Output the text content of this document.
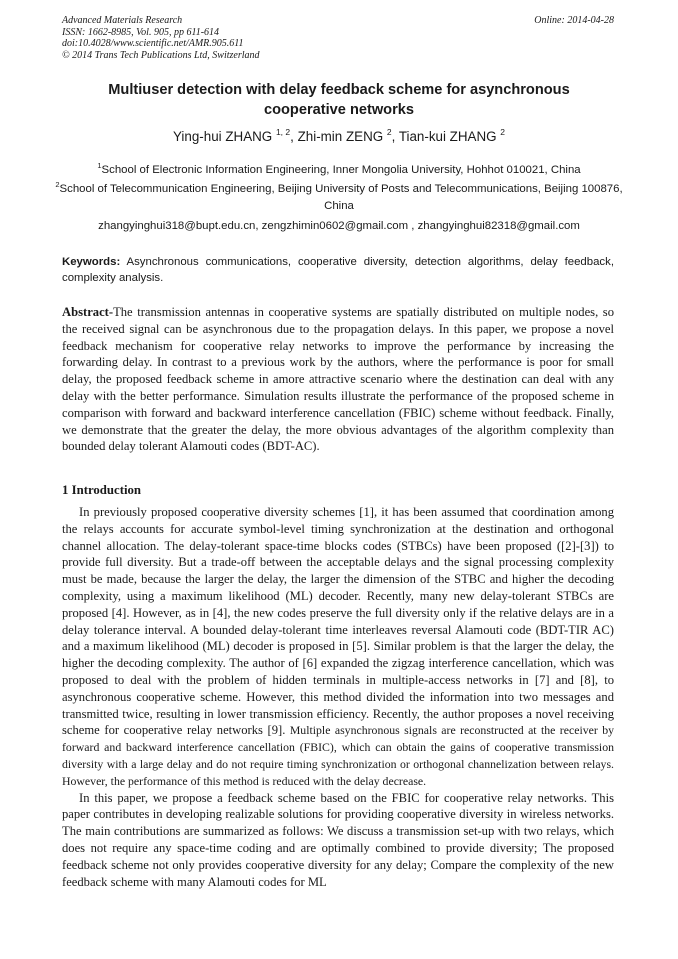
Advanced Materials Research
ISSN: 1662-8985, Vol. 905, pp 611-614
doi:10.4028/www.scientific.net/AMR.905.611
© 2014 Trans Tech Publications Ltd, Switzerland
Online: 2014-04-28
Multiuser detection with delay feedback scheme for asynchronous cooperative networks
Ying-hui ZHANG $^{1, 2}$, Zhi-min ZENG $^2$, Tian-kui ZHANG $^2$
$^1$School of Electronic Information Engineering, Inner Mongolia University, Hohhot 010021, China
$^2$School of Telecommunication Engineering, Beijing University of Posts and Telecommunications, Beijing 100876, China
zhangyinghui318@bupt.edu.cn, zengzhimin0602@gmail.com , zhangyinghui82318@gmail.com
Keywords: Asynchronous communications, cooperative diversity, detection algorithms, delay feedback, complexity analysis.
Abstract-The transmission antennas in cooperative systems are spatially distributed on multiple nodes, so the received signal can be asynchronous due to the propagation delays. In this paper, we propose a novel feedback mechanism for cooperative relay networks to improve the performance by increasing the forwarding delay. In contrast to a previous work by the authors, where the performance is poor for small delay, the proposed feedback scheme in amore attractive scenario where the destination can deal with any delay with the better performance. Simulation results illustrate the performance of the proposed scheme in comparison with forward and backward interference cancellation (FBIC) scheme without feedback. Finally, we demonstrate that the greater the delay, the more obvious advantages of the algorithm complexity than bounded delay tolerant Alamouti codes (BDT-AC).
1 Introduction

In previously proposed cooperative diversity schemes [1], it has been assumed that coordination among the relays accounts for accurate symbol-level timing synchronization at the destination and orthogonal channel allocation. The delay-tolerant space-time blocks codes (STBCs) have been proposed ([2]-[3]) to provide full diversity. But a trade-off between the acceptable delays and the signal processing complexity must be made, because the larger the delay, the larger the dimension of the STBC and higher the decoding complexity, using a maximum likelihood (ML) decoder. Recently, many new delay-tolerant STBCs are proposed [4]. However, as in [4], the new codes preserve the full diversity only if the relative delays are in a delay tolerance interval. A bounded delay-tolerant time interleaves reversal Alamouti code (BDT-TIR AC) and a maximum likelihood (ML) decoder is proposed in [5]. Similar problem is that the larger the delay, the higher the decoding complexity. The author of [6] expanded the zigzag interference cancellation, which was proposed to deal with the problem of hidden terminals in multiple-access networks in [7] and [8], to asynchronous cooperative scheme. However, this method divided the information into two messages and transmitted twice, resulting in lower transmission efficiency. Recently, the author proposes a novel receiving scheme for cooperative relay networks [9]. Multiple asynchronous signals are reconstructed at the receiver by forward and backward interference cancellation (FBIC), which can obtain the gains of cooperative transmission diversity with a large delay and do not require timing synchronization or orthogonal channelization between relays. However, the performance of this method is reduced with the delay decrease.

In this paper, we propose a feedback scheme based on the FBIC for cooperative relay networks. This paper contributes in developing realizable solutions for providing cooperative diversity in wireless networks. The main contributions are summarized as follows: We discuss a transmission set-up with two relays, which does not require any space-time coding and are optimally combined to provide diversity; The proposed feedback scheme not only provides cooperative diversity for any delay; Compare the complexity of the new feedback scheme with many Alamouti codes for ML
